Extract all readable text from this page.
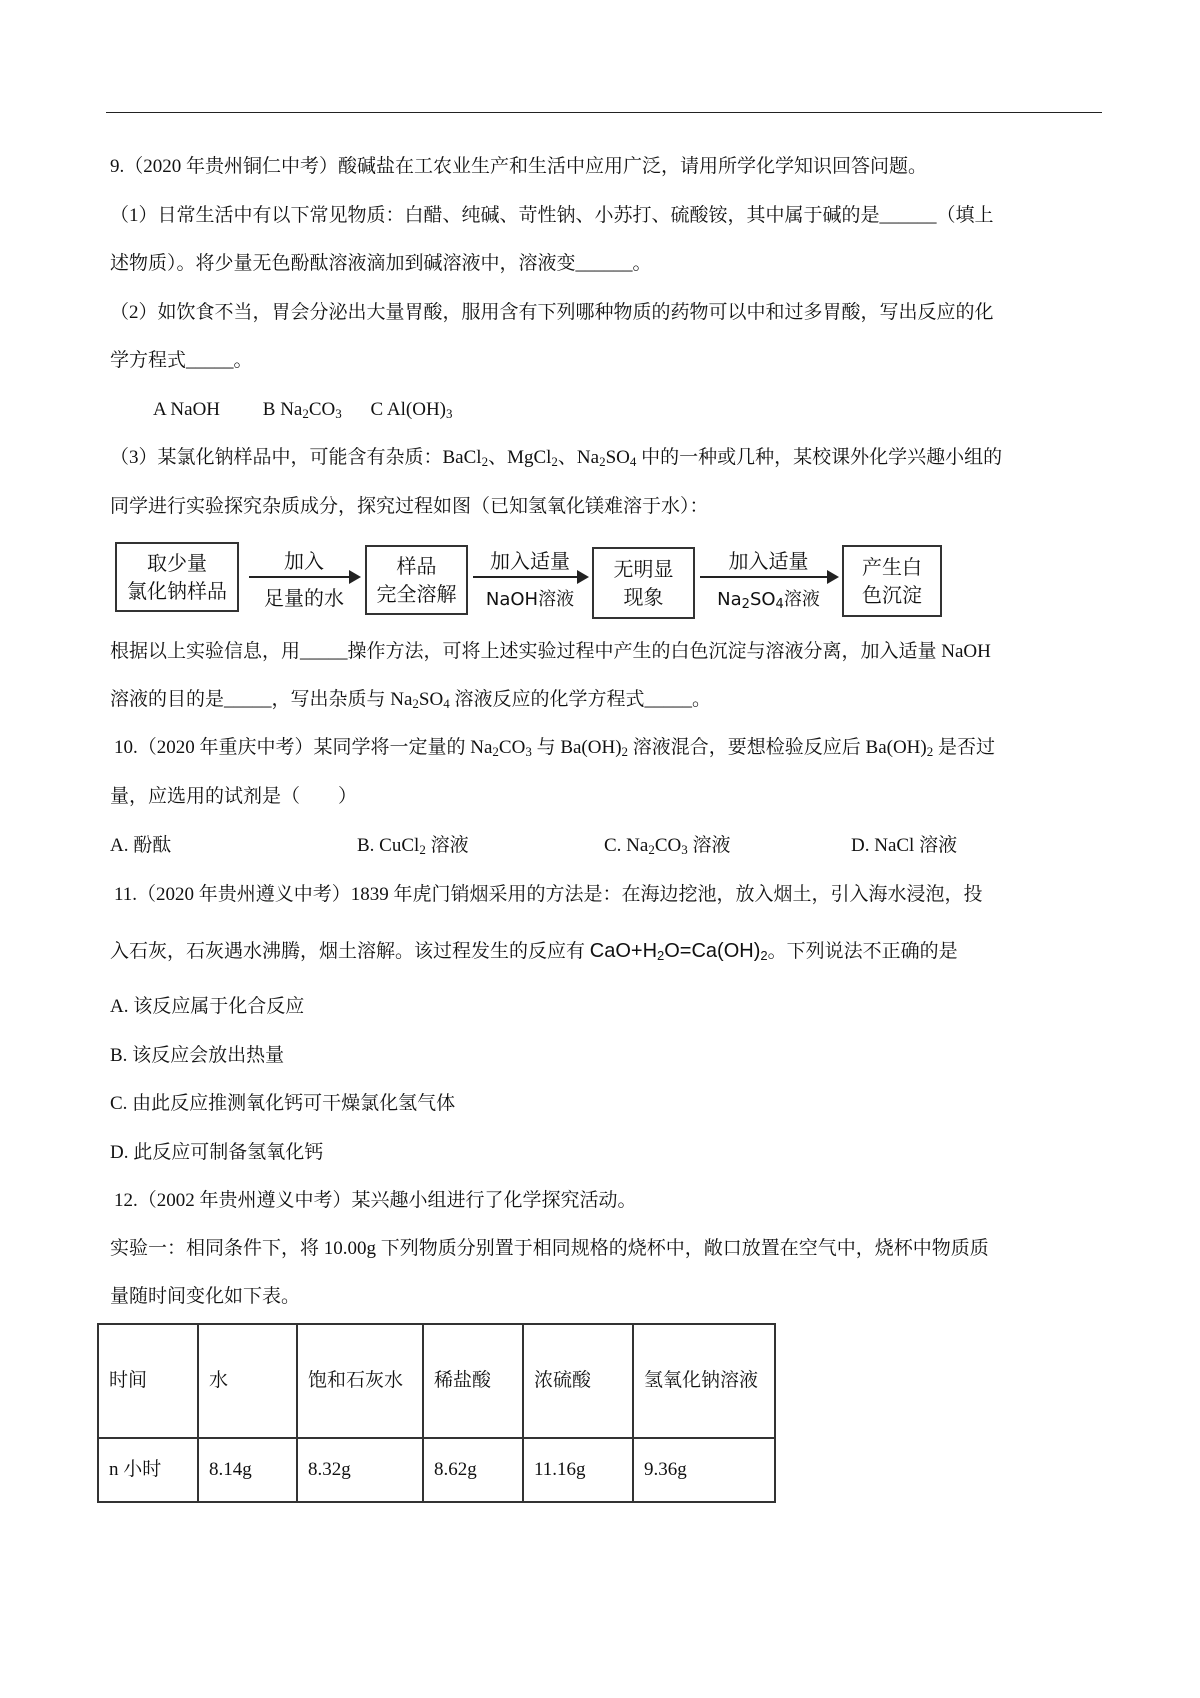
9.（2020 年贵州铜仁中考）酸碱盐在工农业生产和生活中应用广泛，请用所学化学知识回答问题。
（1）日常生活中有以下常见物质：白醋、纯碱、苛性钠、小苏打、硫酸铵，其中属于碱的是______（填上
述物质）。将少量无色酚酞溶液滴加到碱溶液中，溶液变______。
（2）如饮食不当，胃会分泌出大量胃酸，服用含有下列哪种物质的药物可以中和过多胃酸，写出反应的化
学方程式_____。
A NaOH B $Na_2CO_3$ C $Al(OH)_3$
（3）某氯化钠样品中，可能含有杂质：BaCl$_2$、MgCl$_2$、$Na_2SO_4$ 中的一种或几种，某校课外化学兴趣小组的
同学进行实验探究杂质成分，探究过程如图（已知氢氧化镁难溶于水）：
取少量
氯化钠样品
加入
足量的水
样品
完全溶解
加入适量
NaOH溶液
无明显
现象
加入适量
$Na_2SO_4$溶液
产生白
色沉淀
根据以上实验信息，用_____操作方法，可将上述实验过程中产生的白色沉淀与溶液分离，加入适量 NaOH
溶液的目的是_____，写出杂质与 $Na_2SO_4$ 溶液反应的化学方程式_____。
10.（2020 年重庆中考）某同学将一定量的 $Na_2CO_3$ 与 $Ba(OH)_2$ 溶液混合，要想检验反应后 $Ba(OH)_2$ 是否过
量，应选用的试剂是（　　）
A. 酚酞	B. CuCl$_2$ 溶液	C. $Na_2CO_3$ 溶液	D. NaCl 溶液
11.（2020 年贵州遵义中考）1839 年虎门销烟采用的方法是：在海边挖池，放入烟土，引入海水浸泡，投
入石灰，石灰遇水沸腾，烟土溶解。该过程发生的反应有 $CaO+H_2O=Ca(OH)_2$。下列说法不正确的是
A. 该反应属于化合反应
B. 该反应会放出热量
C. 由此反应推测氧化钙可干燥氯化氢气体
D. 此反应可制备氢氧化钙
12.（2002 年贵州遵义中考）某兴趣小组进行了化学探究活动。
实验一：相同条件下，将 10.00g 下列物质分别置于相同规格的烧杯中，敞口放置在空气中，烧杯中物质质
量随时间变化如下表。
时间	水	饱和石灰水	稀盐酸	浓硫酸	氢氧化钠溶液
n 小时	8.14g	8.32g	8.62g	11.16g	9.36g
